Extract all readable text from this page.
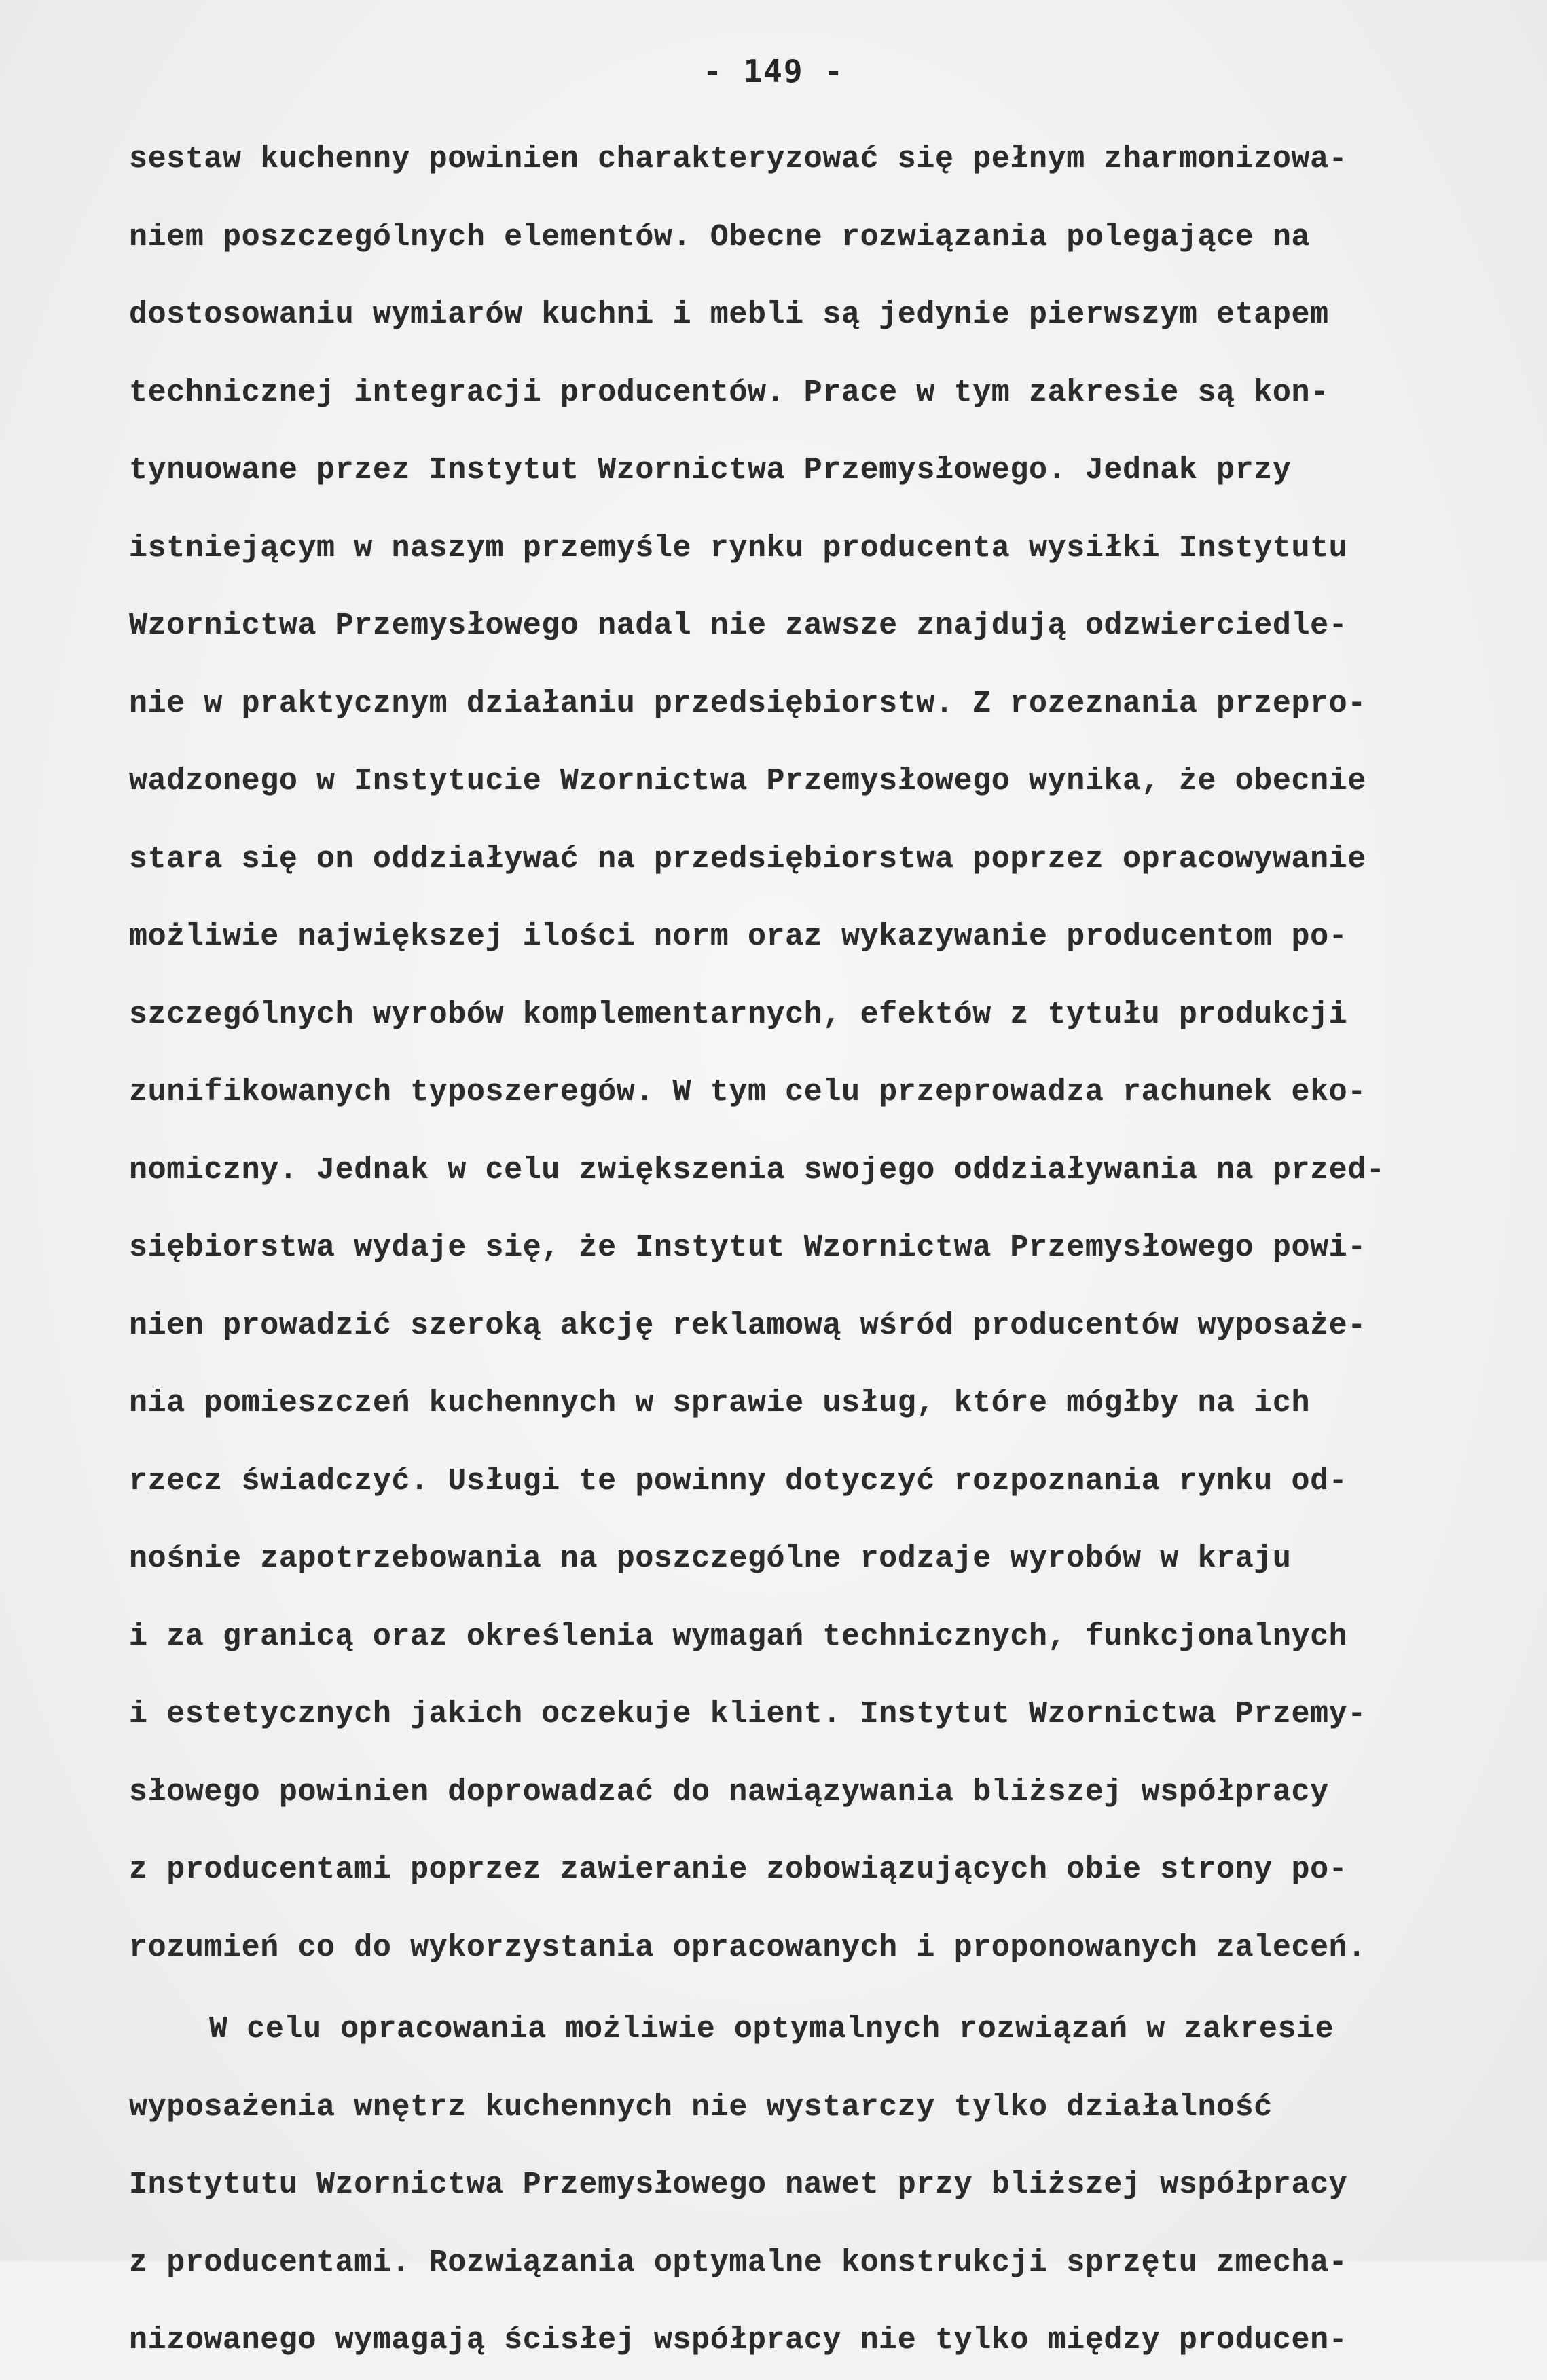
- 149 -
sestaw kuchenny powinien charakteryzować się pełnym zharmonizowa-
niem poszczególnych elementów. Obecne rozwiązania polegające na
dostosowaniu wymiarów kuchni i mebli są jedynie pierwszym etapem
technicznej integracji producentów. Prace w tym zakresie są kon-
tynuowane przez Instytut Wzornictwa Przemysłowego. Jednak przy
istniejącym w naszym przemyśle rynku producenta wysiłki Instytutu
Wzornictwa Przemysłowego nadal nie zawsze znajdują odzwierciedle-
nie w praktycznym działaniu przedsiębiorstw. Z rozeznania przepro-
wadzonego w Instytucie Wzornictwa Przemysłowego wynika, że obecnie
stara się on oddziaływać na przedsiębiorstwa poprzez opracowywanie
możliwie największej ilości norm oraz wykazywanie producentom po-
szczególnych wyrobów komplementarnych, efektów z tytułu produkcji
zunifikowanych typoszeregów. W tym celu przeprowadza rachunek eko-
nomiczny. Jednak w celu zwiększenia swojego oddziaływania na przed-
siębiorstwa wydaje się, że Instytut Wzornictwa Przemysłowego powi-
nien prowadzić szeroką akcję reklamową wśród producentów wyposaże-
nia pomieszczeń kuchennych w sprawie usług, które mógłby na ich
rzecz świadczyć. Usługi te powinny dotyczyć rozpoznania rynku od-
nośnie zapotrzebowania na poszczególne rodzaje wyrobów w kraju
i za granicą oraz określenia wymagań technicznych, funkcjonalnych
i estetycznych jakich oczekuje klient. Instytut Wzornictwa Przemy-
słowego powinien doprowadzać do nawiązywania bliższej współpracy
z producentami poprzez zawieranie zobowiązujących obie strony po-
rozumień co do wykorzystania opracowanych i proponowanych zaleceń.
W celu opracowania możliwie optymalnych rozwiązań w zakresie
wyposażenia wnętrz kuchennych nie wystarczy tylko działalność
Instytutu Wzornictwa Przemysłowego nawet przy bliższej współpracy
z producentami. Rozwiązania optymalne konstrukcji sprzętu zmecha-
nizowanego wymagają ścisłej współpracy nie tylko między producen-
